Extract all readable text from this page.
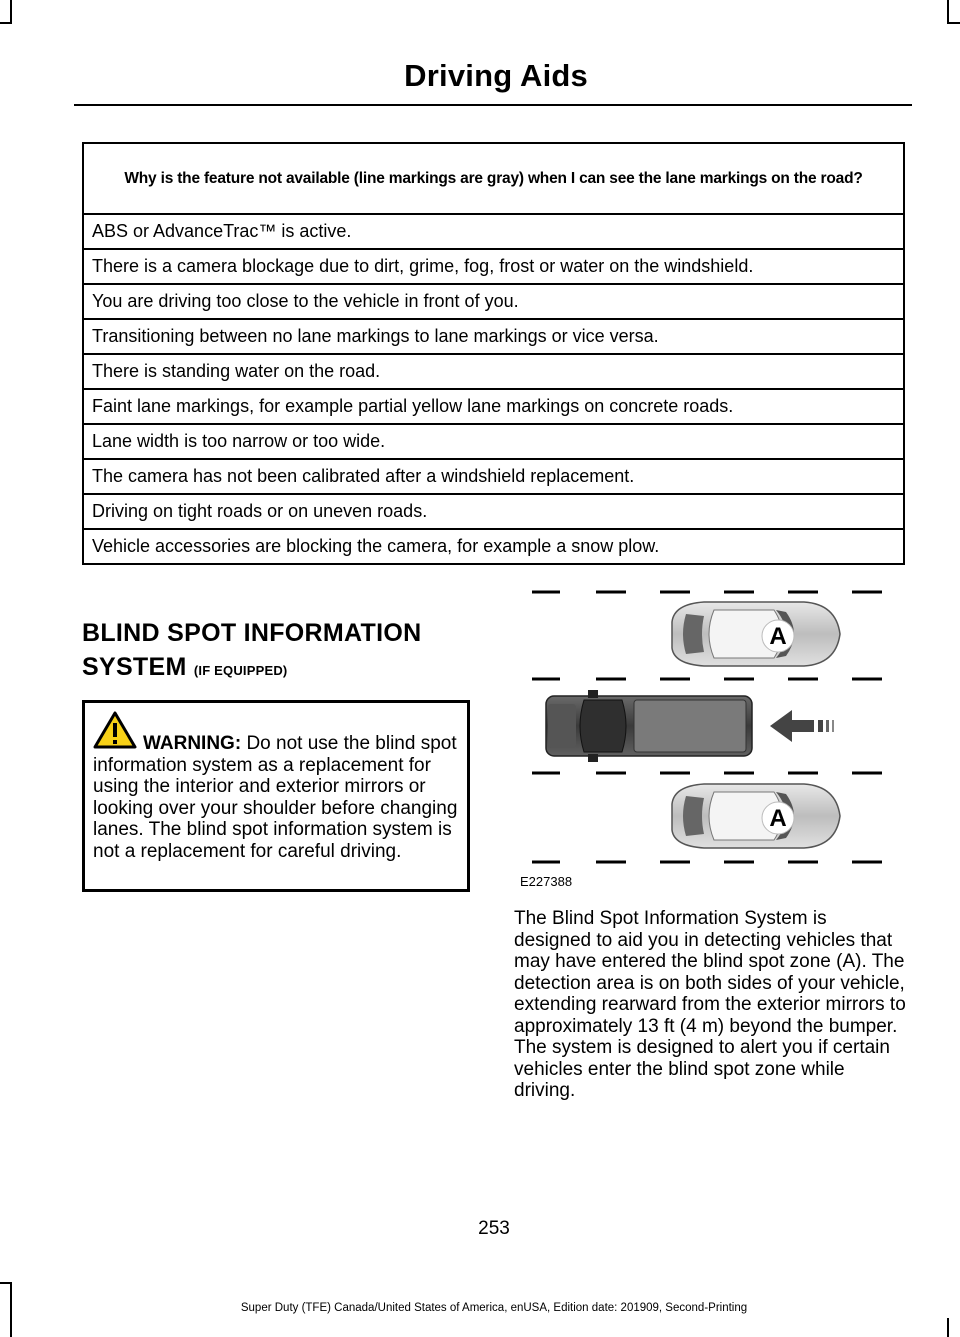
Driving Aids
Why is the feature not available (line markings are gray) when I can see the lane markings on the road?
ABS or AdvanceTrac™ is active.
There is a camera blockage due to dirt, grime, fog, frost or water on the windshield.
You are driving too close to the vehicle in front of you.
Transitioning between no lane markings to lane markings or vice versa.
There is standing water on the road.
Faint lane markings, for example partial yellow lane markings on concrete roads.
Lane width is too narrow or too wide.
The camera has not been calibrated after a windshield replacement.
Driving on tight roads or on uneven roads.
Vehicle accessories are blocking the camera, for example a snow plow.
BLIND SPOT INFORMATION
SYSTEM (IF EQUIPPED)

WARNING: Do not use the blind spot information system as a replacement for using the interior and exterior mirrors or looking over your shoulder before changing lanes. The blind spot information system is not a replacement for careful driving.

A
A
E227388

The Blind Spot Information System is designed to aid you in detecting vehicles that may have entered the blind spot zone (A). The detection area is on both sides of your vehicle, extending rearward from the exterior mirrors to approximately 13 ft (4 m) beyond the bumper. The system is designed to alert you if certain vehicles enter the blind spot zone while driving.

253
Super Duty (TFE) Canada/United States of America, enUSA, Edition date: 201909, Second-Printing
